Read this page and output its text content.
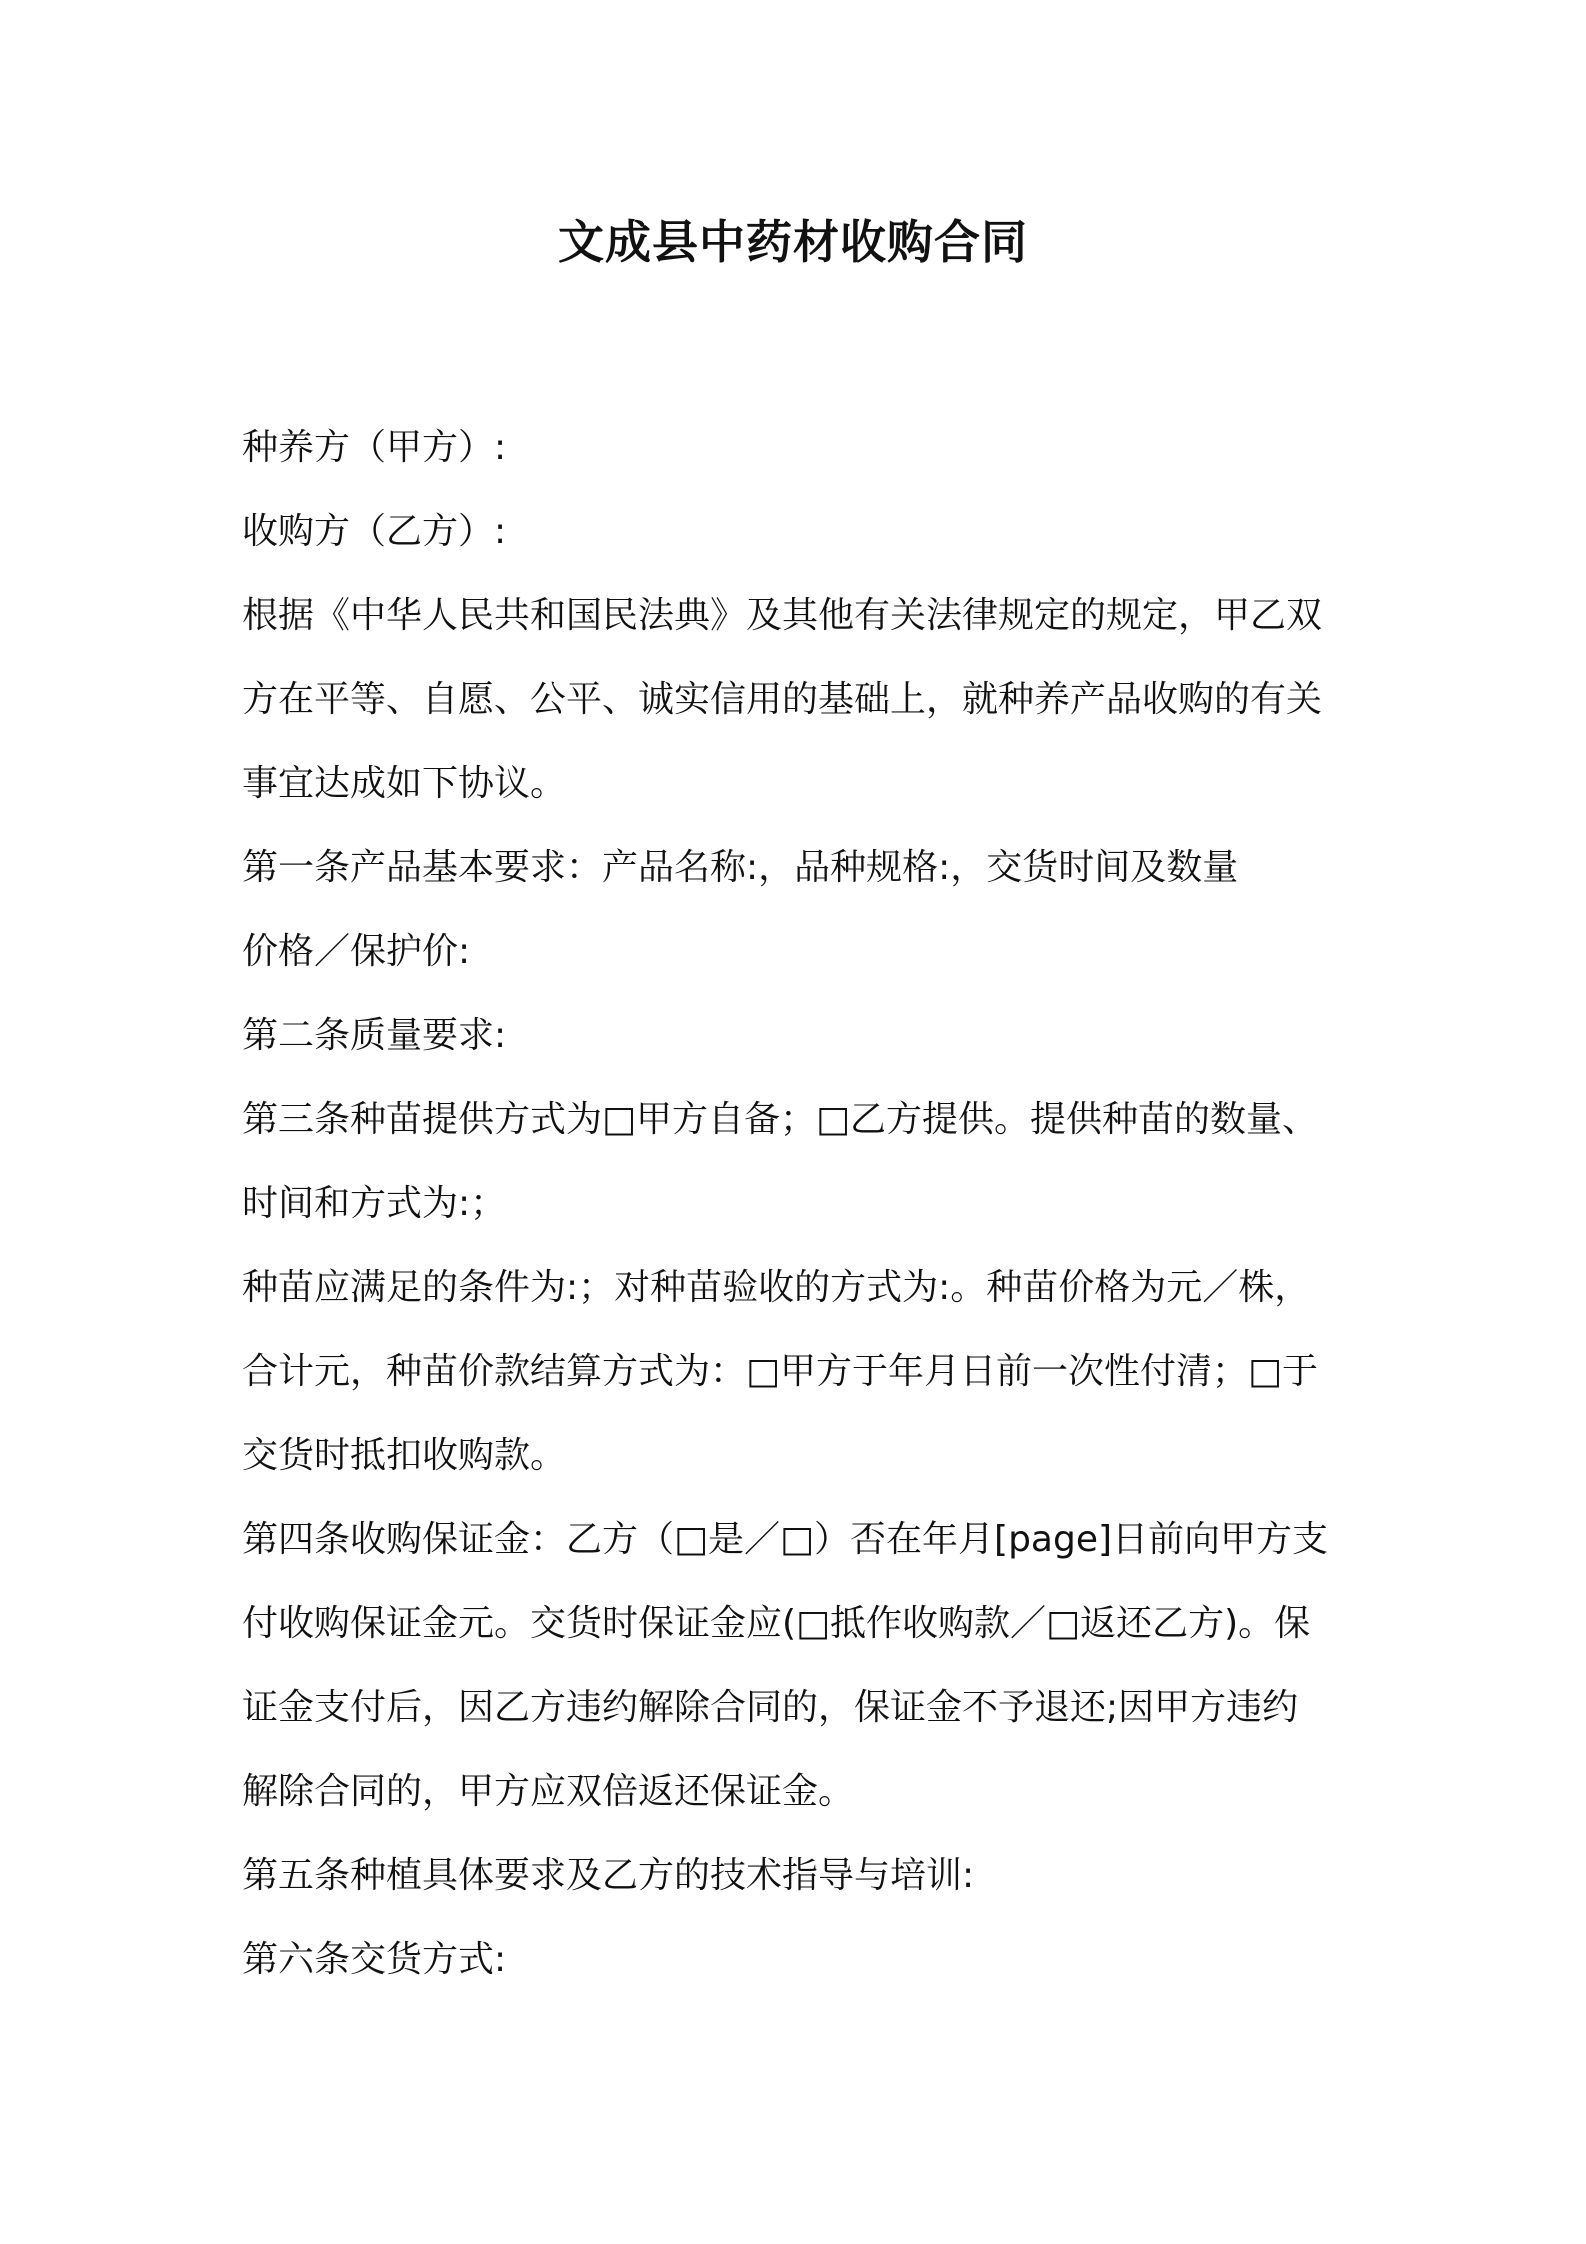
文成县中药材收购合同
种养方（甲方）:
收购方（乙方）:
根据《中华人民共和国民法典》及其他有关法律规定的规定，甲乙双
方在平等、自愿、公平、诚实信用的基础上，就种养产品收购的有关
事宜达成如下协议。
第一条产品基本要求：产品名称:，品种规格:，交货时间及数量
价格／保护价:
第二条质量要求:
第三条种苗提供方式为□甲方自备；□乙方提供。提供种苗的数量、
时间和方式为:；
种苗应满足的条件为:；对种苗验收的方式为:。种苗价格为元／株，
合计元，种苗价款结算方式为：□甲方于年月日前一次性付清；□于
交货时抵扣收购款。
第四条收购保证金：乙方（□是／□）否在年月[page]日前向甲方支
付收购保证金元。交货时保证金应(□抵作收购款／□返还乙方)。保
证金支付后，因乙方违约解除合同的，保证金不予退还;因甲方违约
解除合同的，甲方应双倍返还保证金。
第五条种植具体要求及乙方的技术指导与培训:
第六条交货方式:
